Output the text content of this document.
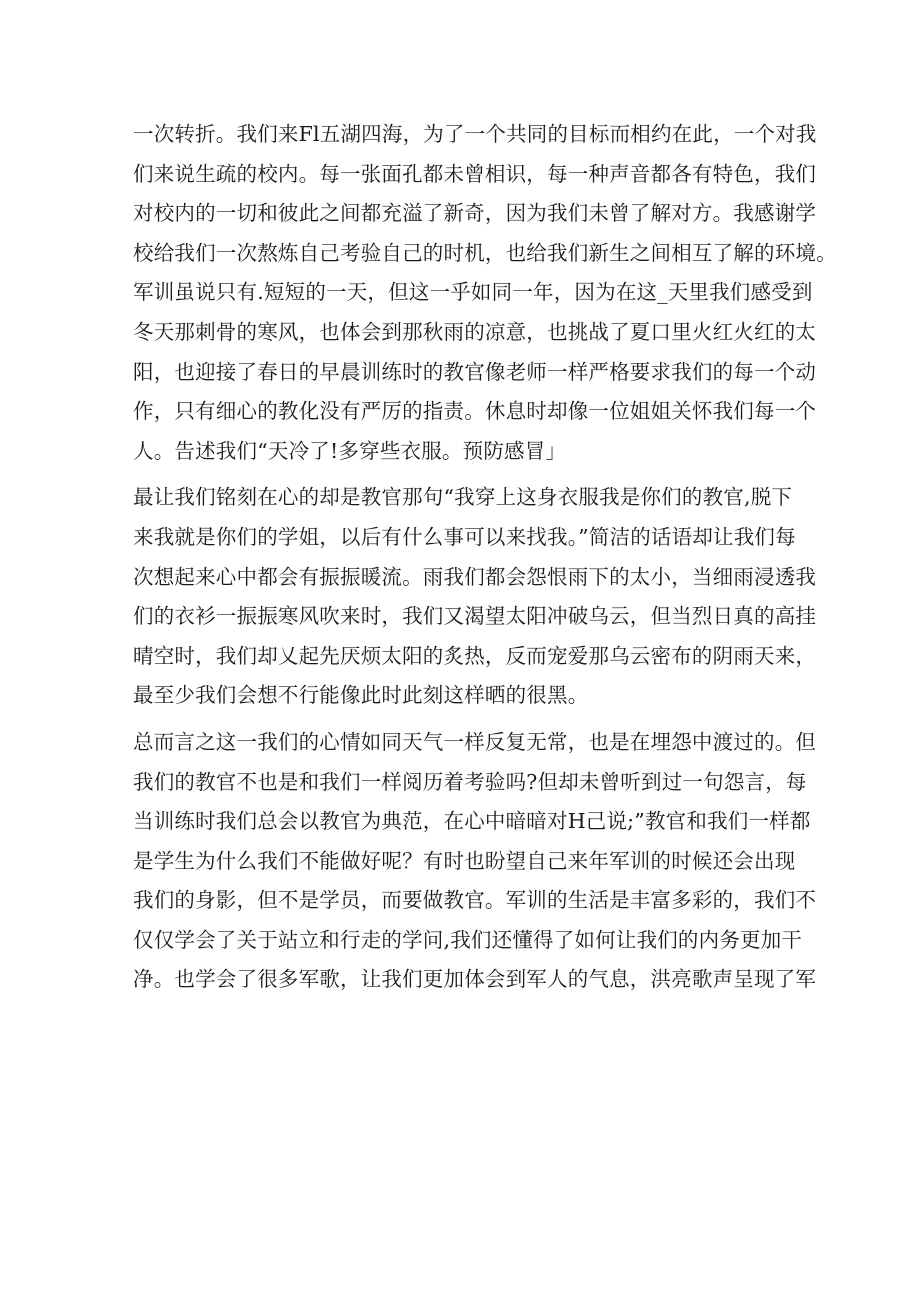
一次转折。我们来Fl五湖四海，为了一个共同的目标而相约在此，一个对我
们来说生疏的校内。每一张面孔都未曾相识，每一种声音都各有特色，我们
对校内的一切和彼此之间都充溢了新奇，因为我们未曾了解对方。我感谢学
校给我们一次熬炼自己考验自己的时机，也给我们新生之间相互了解的环境。
军训虽说只有.短短的一天，但这一乎如同一年，因为在这_天里我们感受到
冬天那刺骨的寒风，也体会到那秋雨的凉意，也挑战了夏口里火红火红的太
阳，也迎接了春日的早晨训练时的教官像老师一样严格要求我们的每一个动
作，只有细心的教化没有严厉的指责。休息时却像一位姐姐关怀我们每一个
人。告述我们“天冷了!多穿些衣服。预防感冒」
最让我们铭刻在心的却是教官那句“我穿上这身衣服我是你们的教官,脱下
来我就是你们的学姐，以后有什么事可以来找我。”简洁的话语却让我们每
次想起来心中都会有振振暖流。雨我们都会怨恨雨下的太小，当细雨浸透我
们的衣衫一振振寒风吹来时，我们又渴望太阳冲破乌云，但当烈日真的高挂
晴空时，我们却乂起先厌烦太阳的炙热，反而宠爱那乌云密布的阴雨天来，
最至少我们会想不行能像此时此刻这样晒的很黑。
总而言之这一我们的心情如同天气一样反复无常，也是在埋怨中渡过的。但
我们的教官不也是和我们一样阅历着考验吗?但却未曾听到过一句怨言，每
当训练时我们总会以教官为典范，在心中暗暗对H己说;”教官和我们一样都
是学生为什么我们不能做好呢？有时也盼望自己来年军训的时候还会出现
我们的身影，但不是学员，而要做教官。军训的生活是丰富多彩的，我们不
仅仅学会了关于站立和行走的学问,我们还懂得了如何让我们的内务更加干
净。也学会了很多军歌，让我们更加体会到军人的气息，洪亮歌声呈现了军
